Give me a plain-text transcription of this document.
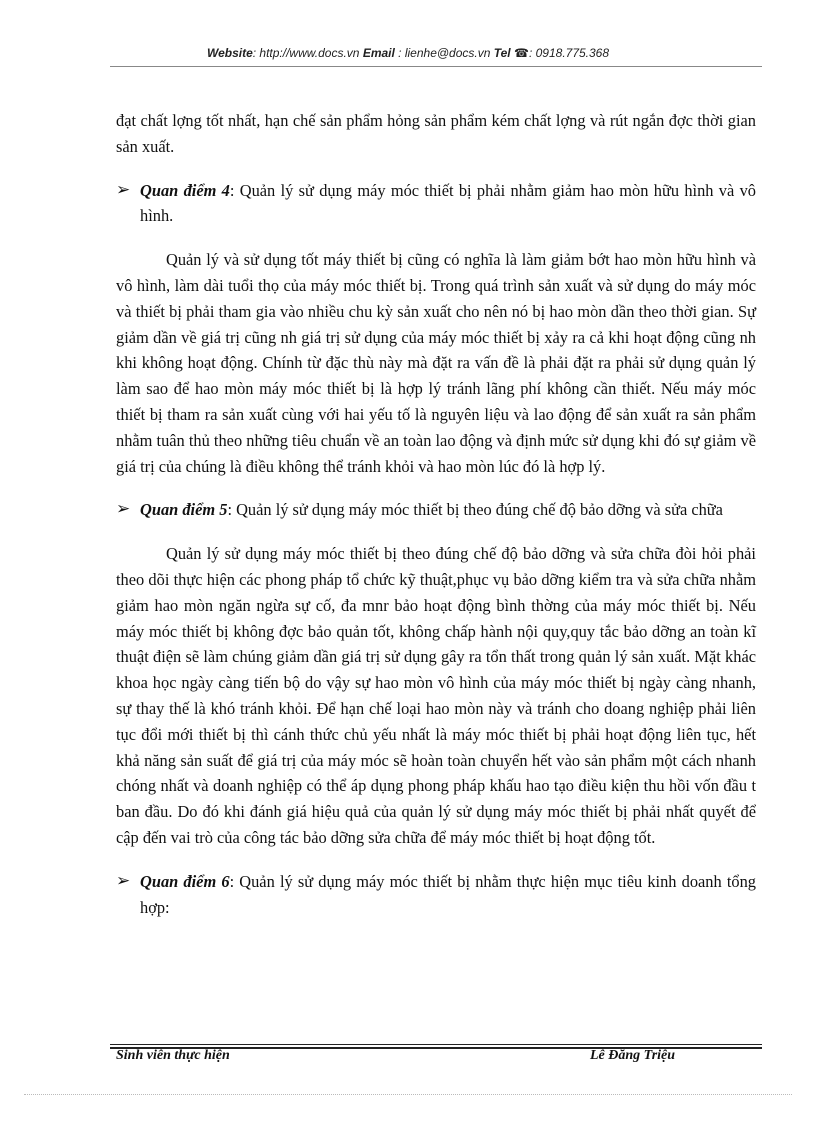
Website: http://www.docs.vn Email : lienhe@docs.vn Tel ☎: 0918.775.368

đạt chất lợng tốt nhất, hạn chế sản phẩm hỏng sản phẩm kém chất lợng và rút ngắn đợc thời gian sản xuất.

➢ Quan điểm 4: Quản lý sử dụng máy móc thiết bị phải nhằm giảm hao mòn hữu hình và vô hình.

Quản lý và sử dụng tốt máy thiết bị cũng có nghĩa là làm giảm bớt hao mòn hữu hình và vô hình, làm dài tuổi thọ của máy móc thiết bị. Trong quá trình sản xuất và sử dụng do máy móc và thiết bị phải tham gia vào nhiều chu kỳ sản xuất cho nên nó bị hao mòn dần theo thời gian. Sự giảm dần về giá trị cũng nh giá trị sử dụng của máy móc thiết bị xảy ra cả khi hoạt động cũng nh khi không hoạt động. Chính từ đặc thù này mà đặt ra vấn đề là phải đặt ra phải sử dụng quản lý làm sao để hao mòn máy móc thiết bị là hợp lý tránh lãng phí không cần thiết. Nếu máy móc thiết bị tham ra sản xuất cùng với hai yếu tố là nguyên liệu và lao động để sản xuất ra sản phẩm nhằm tuân thủ theo những tiêu chuẩn về an toàn lao động và định mức sử dụng khi đó sự giảm về giá trị của chúng là điều không thể tránh khỏi và hao mòn lúc đó là hợp lý.

➢ Quan điểm 5: Quản lý sử dụng máy móc thiết bị theo đúng chế độ bảo dỡng và sửa chữa

Quản lý sử dụng máy móc thiết bị theo đúng chế độ bảo dỡng và sửa chữa đòi hỏi phải theo dõi thực hiện các phong pháp tổ chức kỹ thuật,phục vụ bảo dỡng kiểm tra và sửa chữa nhằm giảm hao mòn ngăn ngừa sự cố, đa mnr bảo hoạt động bình thờng của máy móc thiết bị. Nếu máy móc thiết bị không đợc bảo quản tốt, không chấp hành nội quy,quy tắc bảo dỡng an toàn kĩ thuật điện sẽ làm chúng giảm dần giá trị sử dụng gây ra tổn thất trong quản lý sản xuất. Mặt khác khoa học ngày càng tiến bộ do vậy sự hao mòn vô hình của máy móc thiết bị ngày càng nhanh, sự thay thế là khó tránh khỏi. Để hạn chế loại hao mòn này và tránh cho doang nghiệp phải liên tục đổi mới thiết bị thì cánh thức chủ yếu nhất là máy móc thiết bị phải hoạt động liên tục, hết khả năng sản suất để giá trị của máy móc sẽ hoàn toàn chuyển hết vào sản phẩm một cách nhanh chóng nhất và doanh nghiệp có thể áp dụng phong pháp khấu hao tạo điều kiện thu hồi vốn đầu t ban đầu. Do đó khi đánh giá hiệu quả của quản lý sử dụng máy móc thiết bị phải nhất quyết để cập đến vai trò của công tác bảo dỡng sửa chữa để máy móc thiết bị hoạt động tốt.

➢ Quan điểm 6: Quản lý sử dụng máy móc thiết bị nhằm thực hiện mục tiêu kinh doanh tổng hợp:
Sinh viên thực hiện	Lê Đăng Triệu
